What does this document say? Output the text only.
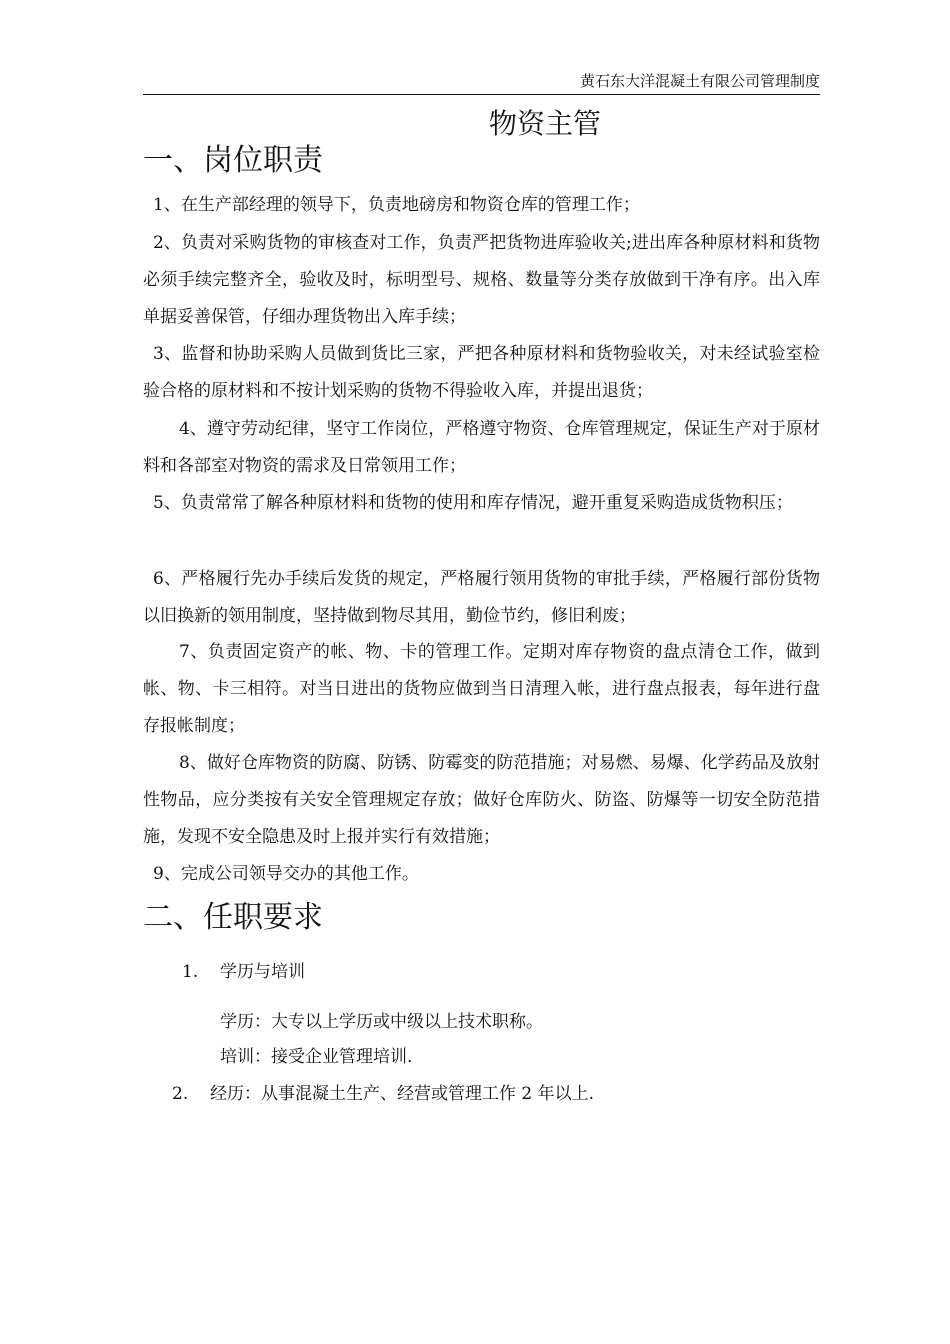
黄石东大洋混凝土有限公司管理制度
物资主管
一、岗位职责
1、在生产部经理的领导下，负责地磅房和物资仓库的管理工作；
2、负责对采购货物的审核查对工作，负责严把货物进库验收关;进出库各种原材料和货物必须手续完整齐全，验收及时，标明型号、规格、数量等分类存放做到干净有序。出入库单据妥善保管，仔细办理货物出入库手续；
3、监督和协助采购人员做到货比三家，严把各种原材料和货物验收关，对未经试验室检验合格的原材料和不按计划采购的货物不得验收入库，并提出退货；
4、遵守劳动纪律，坚守工作岗位，严格遵守物资、仓库管理规定，保证生产对于原材料和各部室对物资的需求及日常领用工作；
5、负责常常了解各种原材料和货物的使用和库存情况，避开重复采购造成货物积压；
6、严格履行先办手续后发货的规定，严格履行领用货物的审批手续，严格履行部份货物以旧换新的领用制度，坚持做到物尽其用，勤俭节约，修旧利废；
7、负责固定资产的帐、物、卡的管理工作。定期对库存物资的盘点清仓工作，做到帐、物、卡三相符。对当日进出的货物应做到当日清理入帐，进行盘点报表，每年进行盘存报帐制度；
8、做好仓库物资的防腐、防锈、防霉变的防范措施；对易燃、易爆、化学药品及放射性物品，应分类按有关安全管理规定存放；做好仓库防火、防盗、防爆等一切安全防范措施，发现不安全隐患及时上报并实行有效措施；
9、完成公司领导交办的其他工作。
二、任职要求
1. 学历与培训
学历：大专以上学历或中级以上技术职称。
培训：接受企业管理培训.
2. 经历：从事混凝土生产、经营或管理工作 2 年以上.
